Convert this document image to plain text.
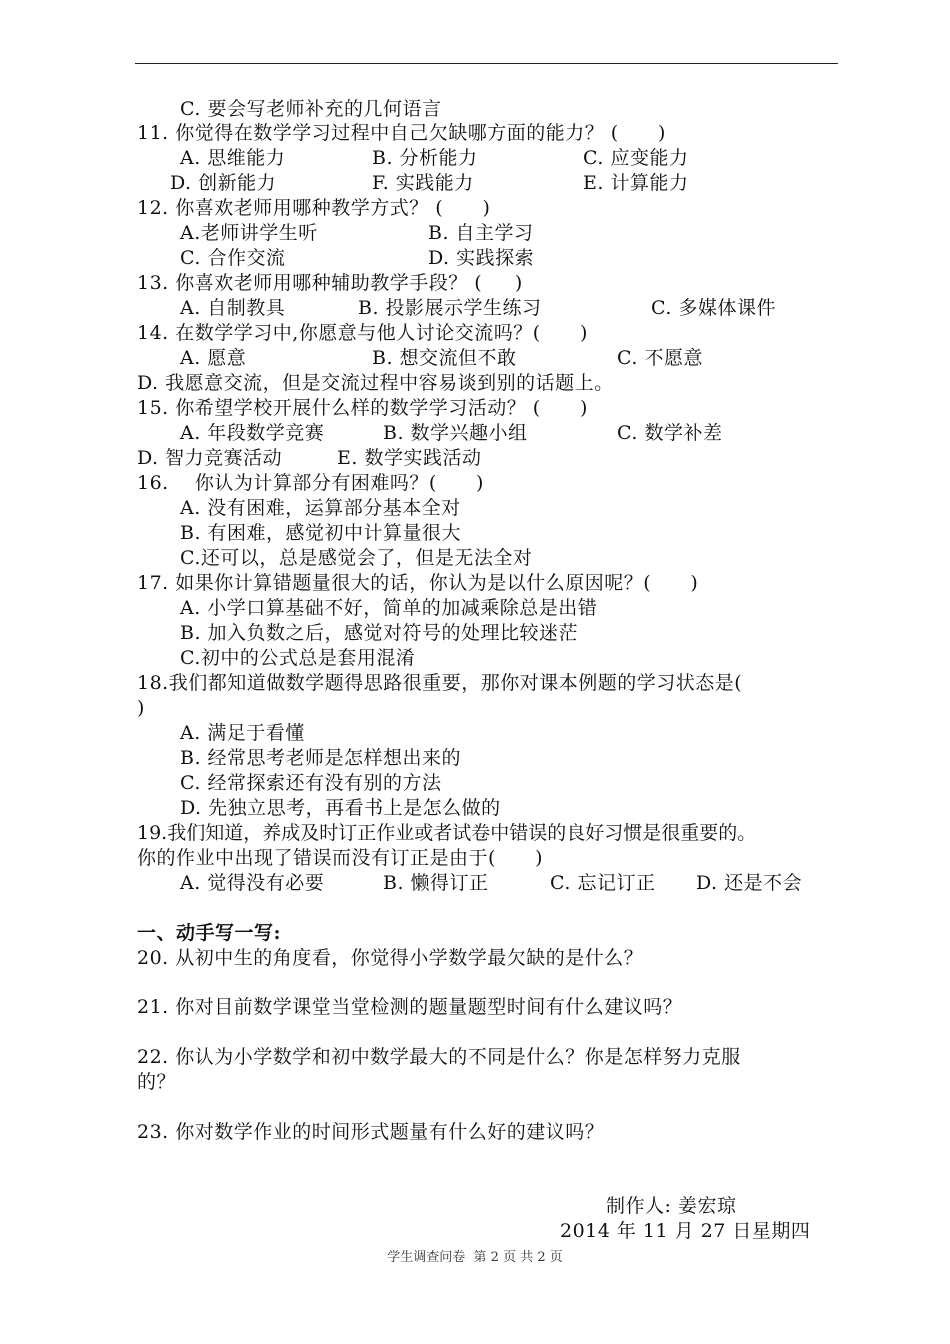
C. 要会写老师补充的几何语言
11. 你觉得在数学学习过程中自己欠缺哪方面的能力？ (      )
A. 思维能力	B. 分析能力	C. 应变能力
D. 创新能力	F. 实践能力	E. 计算能力
12. 你喜欢老师用哪种教学方式？ (      )
A.老师讲学生听	B. 自主学习
C. 合作交流	D. 实践探索
13. 你喜欢老师用哪种辅助教学手段？ (     )
A. 自制教具	B. 投影展示学生练习	C. 多媒体课件
14. 在数学学习中,你愿意与他人讨论交流吗？(      )
A. 愿意	B. 想交流但不敢	C. 不愿意
D. 我愿意交流，但是交流过程中容易谈到别的话题上。
15. 你希望学校开展什么样的数学学习活动？ (      )
A. 年段数学竞赛	B. 数学兴趣小组	C. 数学补差
D. 智力竞赛活动	E. 数学实践活动
16.    你认为计算部分有困难吗？(      )
A. 没有困难，运算部分基本全对
B. 有困难，感觉初中计算量很大
C.还可以，总是感觉会了，但是无法全对
17. 如果你计算错题量很大的话，你认为是以什么原因呢？(      )
A. 小学口算基础不好，简单的加减乘除总是出错
B. 加入负数之后，感觉对符号的处理比较迷茫
C.初中的公式总是套用混淆
18.我们都知道做数学题得思路很重要，那你对课本例题的学习状态是(
)
A. 满足于看懂
B. 经常思考老师是怎样想出来的
C. 经常探索还有没有别的方法
D. 先独立思考，再看书上是怎么做的
19.我们知道，养成及时订正作业或者试卷中错误的良好习惯是很重要的。
你的作业中出现了错误而没有订正是由于(      )
A. 觉得没有必要	B. 懒得订正	C. 忘记订正 D. 还是不会
一、动手写一写:
20. 从初中生的角度看，你觉得小学数学最欠缺的是什么？
21. 你对目前数学课堂当堂检测的题量题型时间有什么建议吗？
22. 你认为小学数学和初中数学最大的不同是什么？你是怎样努力克服
的？
23. 你对数学作业的时间形式题量有什么好的建议吗？
制作人: 姜宏琼
2014 年 11 月 27 日星期四
学生调查问卷  第 2 页 共 2 页
